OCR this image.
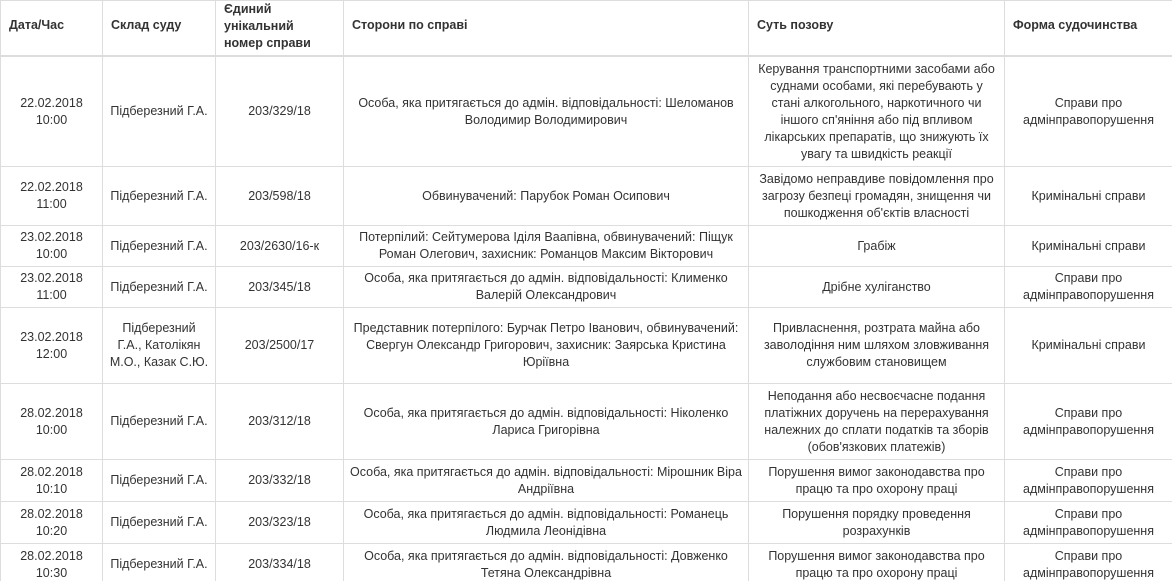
Дата/Час	Склад суду	Єдиний унікальний номер справи	Сторони по справі	Суть позову	Форма судочинства

22.02.2018
10:00	Підберезний Г.А.	203/329/18	Особа, яка притягається до адмін. відповідальності: Шеломанов Володимир Володимирович	Керування транспортними засобами або суднами особами, які перебувають у стані алкогольного, наркотичного чи іншого сп'яніння або під впливом лікарських препаратів, що знижують їх увагу та швидкість реакції	Справи про адмінправопорушення

22.02.2018
11:00	Підберезний Г.А.	203/598/18	Обвинувачений: Парубок Роман Осипович	Завідомо неправдиве повідомлення про загрозу безпеці громадян, знищення чи пошкодження об'єктів власності	Кримінальні справи

23.02.2018
10:00	Підберезний Г.А.	203/2630/16-к	Потерпілий: Сейтумерова Іділя Ваапівна, обвинувачений: Піщук Роман Олегович, захисник: Романцов Максим Вікторович	Грабіж	Кримінальні справи

23.02.2018
11:00	Підберезний Г.А.	203/345/18	Особа, яка притягається до адмін. відповідальності: Клименко Валерій Олександрович	Дрібне хуліганство	Справи про адмінправопорушення

23.02.2018
12:00	Підберезний Г.А., Католікян М.О., Казак С.Ю.	203/2500/17	Представник потерпілого: Бурчак Петро Іванович, обвинувачений: Свергун Олександр Григорович, захисник: Заярська Кристина Юріївна	Привласнення, розтрата майна або заволодіння ним шляхом зловживання службовим становищем	Кримінальні справи

28.02.2018
10:00	Підберезний Г.А.	203/312/18	Особа, яка притягається до адмін. відповідальності: Ніколенко Лариса Григорівна	Неподання або несвоєчасне подання платіжних доручень на перерахування належних до сплати податків та зборів (обов'язкових платежів)	Справи про адмінправопорушення

28.02.2018
10:10	Підберезний Г.А.	203/332/18	Особа, яка притягається до адмін. відповідальності: Мірошник Віра Андріївна	Порушення вимог законодавства про працю та про охорону праці	Справи про адмінправопорушення

28.02.2018
10:20	Підберезний Г.А.	203/323/18	Особа, яка притягається до адмін. відповідальності: Романець Людмила Леонідівна	Порушення порядку проведення розрахунків	Справи про адмінправопорушення

28.02.2018
10:30	Підберезний Г.А.	203/334/18	Особа, яка притягається до адмін. відповідальності: Довженко Тетяна Олександрівна	Порушення вимог законодавства про працю та про охорону праці	Справи про адмінправопорушення
